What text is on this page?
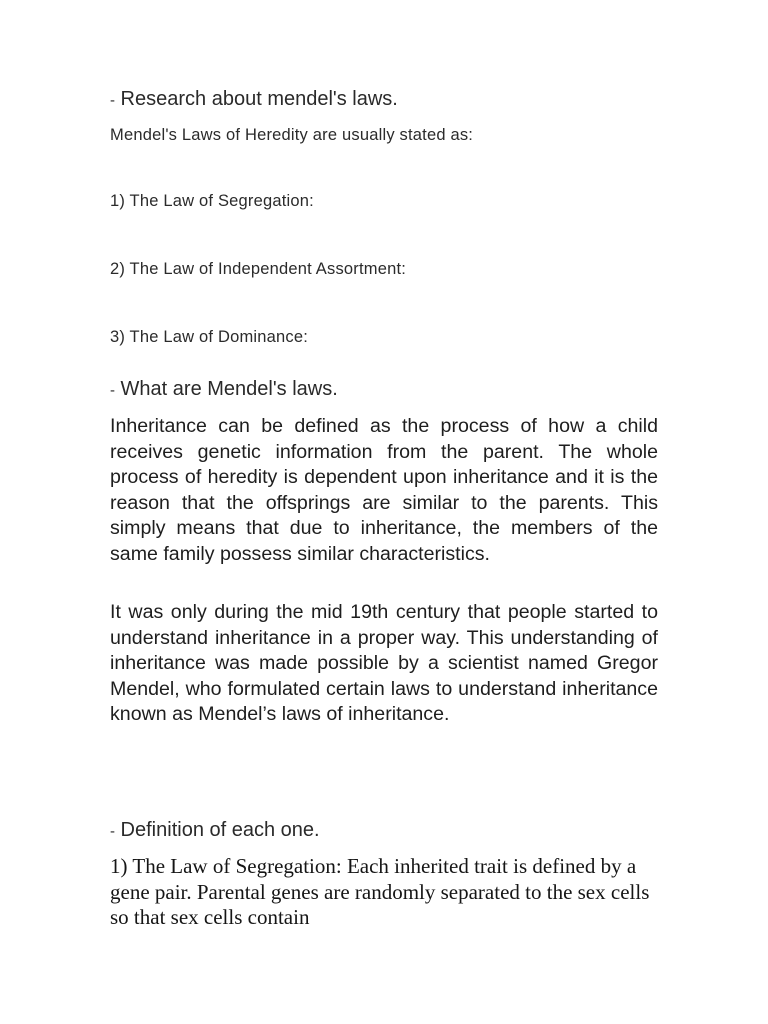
- Research about mendel's laws.

Mendel's Laws of Heredity are usually stated as:

1) The Law of Segregation:

2) The Law of Independent Assortment:

3) The Law of Dominance:

- What are Mendel's laws.

Inheritance can be defined as the process of how a child receives genetic information from the parent. The whole process of heredity is dependent upon inheritance and it is the reason that the offsprings are similar to the parents. This simply means that due to inheritance, the members of the same family possess similar characteristics.

It was only during the mid 19th century that people started to understand inheritance in a proper way. This understanding of inheritance was made possible by a scientist named Gregor Mendel, who formulated certain laws to understand inheritance known as Mendel’s laws of inheritance.

- Definition of each one.

1) The Law of Segregation: Each inherited trait is defined by a gene pair. Parental genes are randomly separated to the sex cells so that sex cells contain
